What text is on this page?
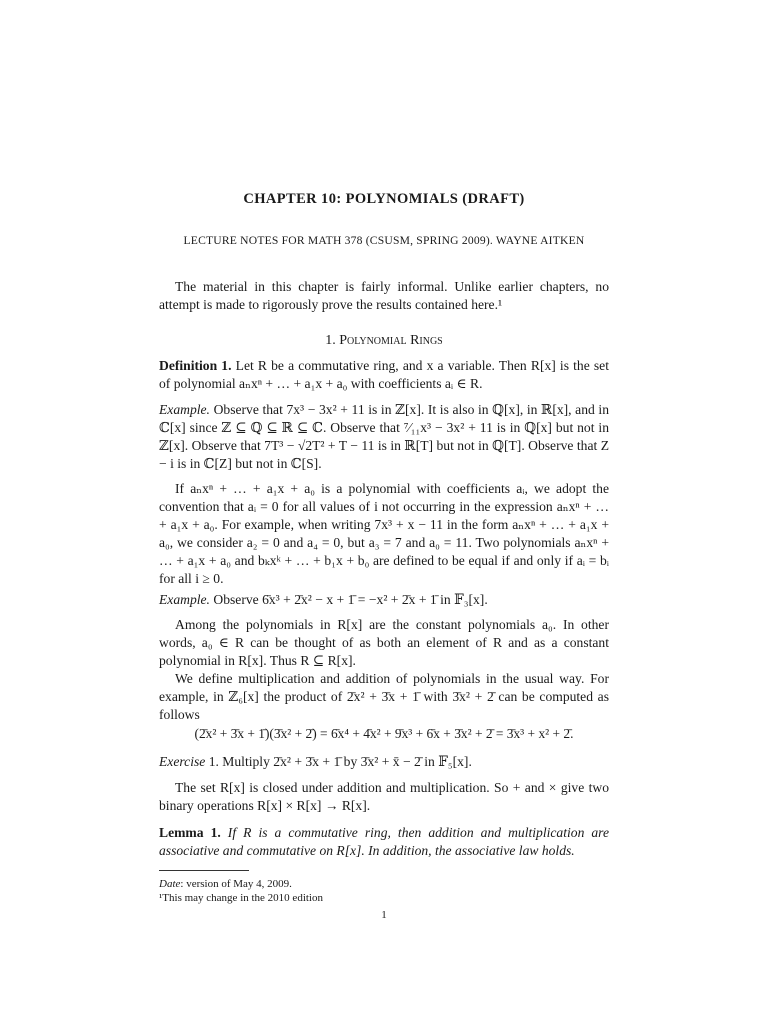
CHAPTER 10: POLYNOMIALS (DRAFT)
LECTURE NOTES FOR MATH 378 (CSUSM, SPRING 2009). WAYNE AITKEN

The material in this chapter is fairly informal. Unlike earlier chapters, no attempt is made to rigorously prove the results contained here.¹

1. Polynomial Rings

Definition 1. Let R be a commutative ring, and x a variable. Then R[x] is the set of polynomial aₙxⁿ + … + a₁x + a₀ with coefficients aᵢ ∈ R.

Example. Observe that 7x³ − 3x² + 11 is in ℤ[x]. It is also in ℚ[x], in ℝ[x], and in ℂ[x] since ℤ ⊆ ℚ ⊆ ℝ ⊆ ℂ. Observe that ⁷⁄₁₁x³ − 3x² + 11 is in ℚ[x] but not in ℤ[x]. Observe that 7T³ − √2T² + T − 11 is in ℝ[T] but not in ℚ[T]. Observe that Z − i is in ℂ[Z] but not in ℂ[S].

If aₙxⁿ + … + a₁x + a₀ is a polynomial with coefficients aᵢ, we adopt the convention that aᵢ = 0 for all values of i not occurring in the expression aₙxⁿ + … + a₁x + a₀. For example, when writing 7x³ + x − 11 in the form aₙxⁿ + … + a₁x + a₀, we consider a₂ = 0 and a₄ = 0, but a₃ = 7 and a₀ = 11. Two polynomials aₙxⁿ + … + a₁x + a₀ and bₖxᵏ + … + b₁x + b₀ are defined to be equal if and only if aᵢ = bᵢ for all i ≥ 0.

Example. Observe 6̄x³ + 2̄x² − x + 1̄ = −x² + 2̄x + 1̄ in 𝔽₃[x].

Among the polynomials in R[x] are the constant polynomials a₀. In other words, a₀ ∈ R can be thought of as both an element of R and as a constant polynomial in R[x]. Thus R ⊆ R[x].

We define multiplication and addition of polynomials in the usual way. For example, in ℤ₆[x] the product of 2̄x² + 3̄x + 1̄ with 3̄x² + 2̄ can be computed as follows

(2̄x² + 3̄x + 1̄)(3̄x² + 2̄) = 6̄x⁴ + 4̄x² + 9̄x³ + 6̄x + 3̄x² + 2̄ = 3̄x³ + x² + 2̄.

Exercise 1. Multiply 2̄x² + 3̄x + 1̄ by 3̄x² + x̄ − 2̄ in 𝔽₅[x].

The set R[x] is closed under addition and multiplication. So + and × give two binary operations R[x] × R[x] → R[x].

Lemma 1. If R is a commutative ring, then addition and multiplication are associative and commutative on R[x]. In addition, the associative law holds.

Date: version of May 4, 2009.
¹This may change in the 2010 edition
1
